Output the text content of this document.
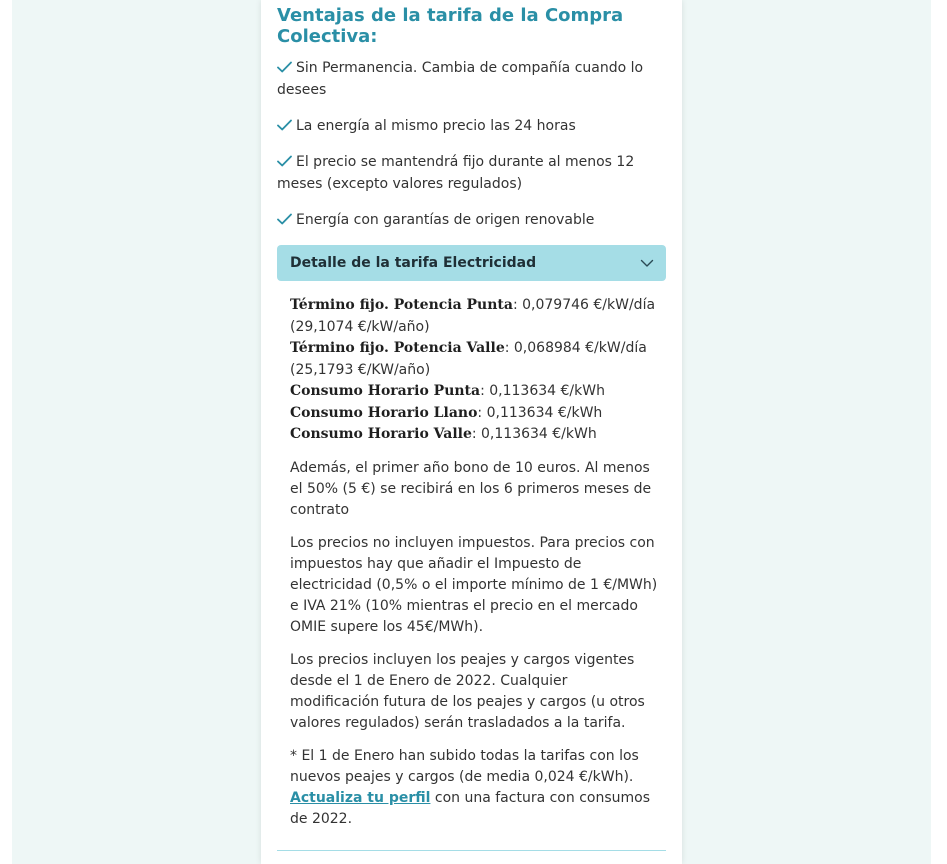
Ventajas de la tarifa de la Compra Colectiva:
Sin Permanencia. Cambia de compañía cuando lo desees
La energía al mismo precio las 24 horas
El precio se mantendrá fijo durante al menos 12 meses (excepto valores regulados)
Energía con garantías de origen renovable
Detalle de la tarifa Electricidad

Término fijo. Potencia Punta: 0,079746 €/kW/día (29,1074 €/kW/año)

Término fijo. Potencia Valle: 0,068984 €/kW/día (25,1793 €/KW/año)

Consumo Horario Punta: 0,113634 €/kWh

Consumo Horario Llano: 0,113634 €/kWh

Consumo Horario Valle: 0,113634 €/kWh

Además, el primer año bono de 10 euros. Al menos el 50% (5 €) se recibirá en los 6 primeros meses de contrato

Los precios no incluyen impuestos. Para precios con impuestos hay que añadir el Impuesto de electricidad (0,5% o el importe mínimo de 1 €/MWh) e IVA 21% (10% mientras el precio en el mercado OMIE supere los 45€/MWh).

Los precios incluyen los peajes y cargos vigentes desde el 1 de Enero de 2022. Cualquier modificación futura de los peajes y cargos (u otros valores regulados) serán trasladados a la tarifa.

* El 1 de Enero han subido todas la tarifas con los nuevos peajes y cargos (de media 0,024 €/kWh).
Actualiza tu perfil con una factura con consumos de 2022.
